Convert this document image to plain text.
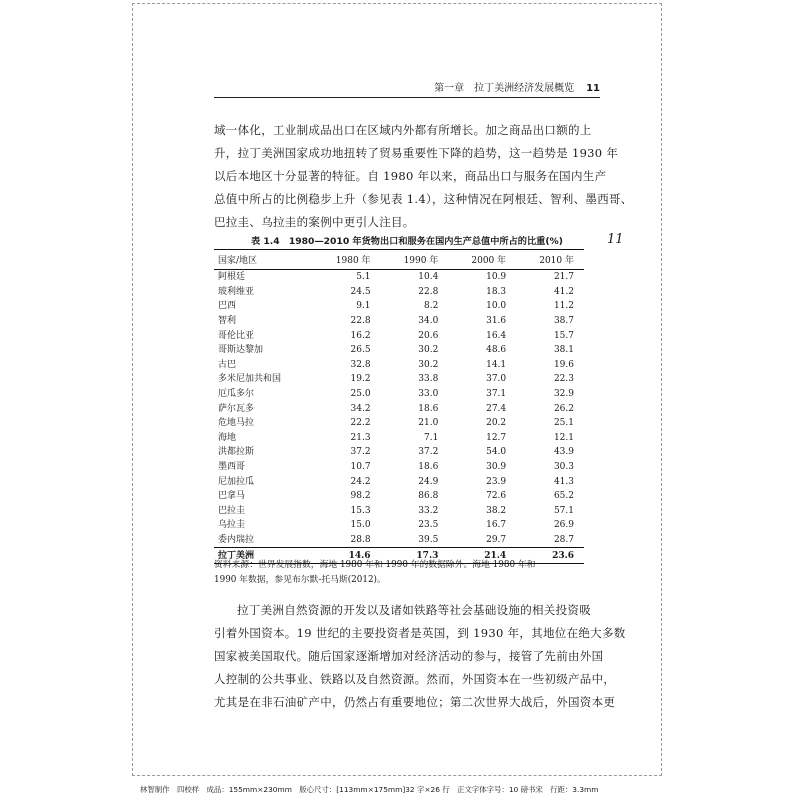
第一章　拉丁美洲经济发展概览 11

域一体化，工业制成品出口在区域内外都有所增长。加之商品出口额的上
升，拉丁美洲国家成功地扭转了贸易重要性下降的趋势，这一趋势是 1930 年
以后本地区十分显著的特征。自 1980 年以来，商品出口与服务在国内生产
总值中所占的比例稳步上升（参见表 1.4），这种情况在阿根廷、智利、墨西哥、
巴拉圭、乌拉圭的案例中更引人注目。

11
表 1.4　1980—2010 年货物出口和服务在国内生产总值中所占的比重(%)
国家/地区	1980 年	1990 年	2000 年	2010 年
阿根廷	5.1	10.4	10.9	21.7
玻利维亚	24.5	22.8	18.3	41.2
巴西	9.1	8.2	10.0	11.2
智利	22.8	34.0	31.6	38.7
哥伦比亚	16.2	20.6	16.4	15.7
哥斯达黎加	26.5	30.2	48.6	38.1
古巴	32.8	30.2	14.1	19.6
多米尼加共和国	19.2	33.8	37.0	22.3
厄瓜多尔	25.0	33.0	37.1	32.9
萨尔瓦多	34.2	18.6	27.4	26.2
危地马拉	22.2	21.0	20.2	25.1
海地	21.3	7.1	12.7	12.1
洪都拉斯	37.2	37.2	54.0	43.9
墨西哥	10.7	18.6	30.9	30.3
尼加拉瓜	24.2	24.9	23.9	41.3
巴拿马	98.2	86.8	72.6	65.2
巴拉圭	15.3	33.2	38.2	57.1
乌拉圭	15.0	23.5	16.7	26.9
委内瑞拉	28.8	39.5	29.7	28.7
拉丁美洲	14.6	17.3	21.4	23.6

资料来源：世界发展指数，海地 1980 年和 1990 年的数据除外。海地 1980 年和
1990 年数据，参见布尔默-托马斯(2012)。

拉丁美洲自然资源的开发以及诸如铁路等社会基础设施的相关投资吸
引着外国资本。19 世纪的主要投资者是英国，到 1930 年，其地位在绝大多数
国家被美国取代。随后国家逐渐增加对经济活动的参与，接管了先前由外国
人控制的公共事业、铁路以及自然资源。然而，外国资本在一些初级产品中，
尤其是在非石油矿产中，仍然占有重要地位；第二次世界大战后，外国资本更

林智制作　四校样　成品：155mm×230mm　版心尺寸：[113mm×175mm]32 字×26 行　正文字体字号：10 磅书宋　行距：3.3mm
